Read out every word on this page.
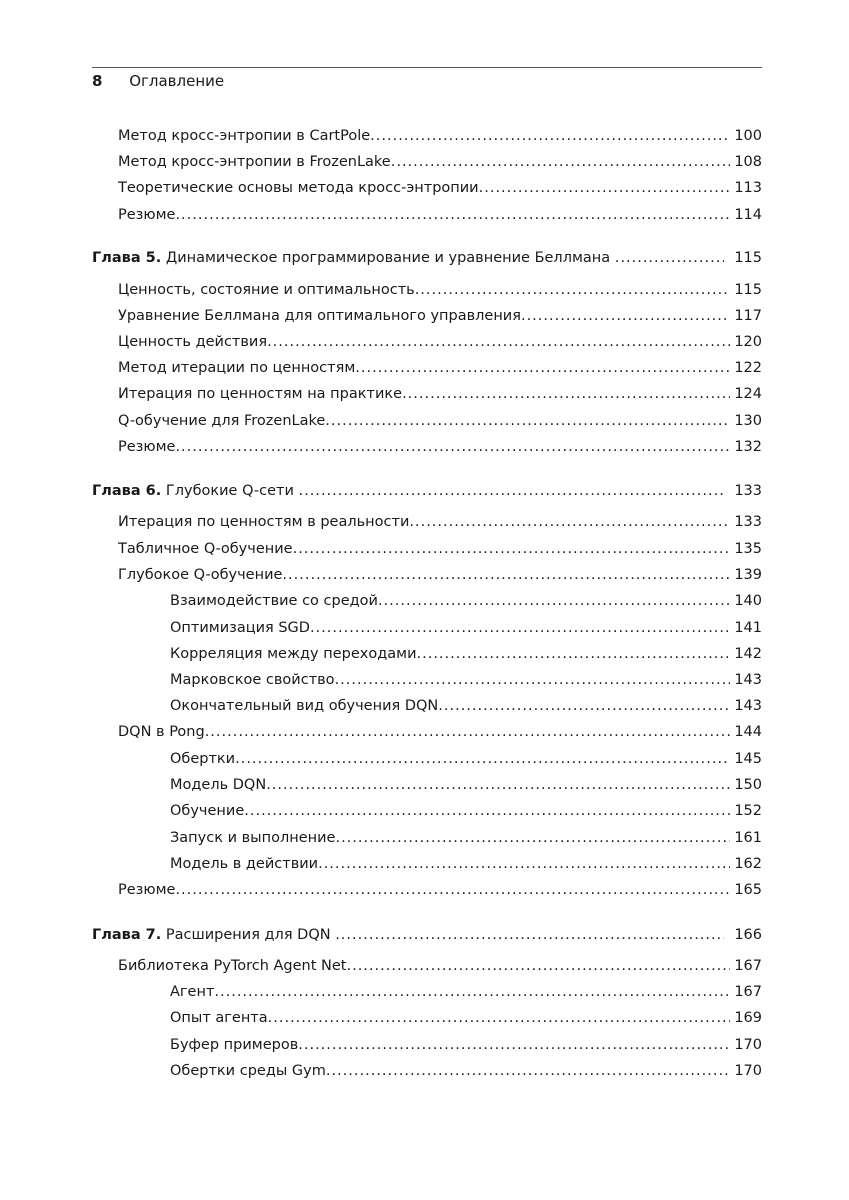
8 Оглавление
Метод кросс-энтропии в CartPole .....	100
Метод кросс-энтропии в FrozenLake .....	108
Теоретические основы метода кросс-энтропии .....	113
Резюме .....	114
Глава 5. Динамическое программирование и уравнение Беллмана .....	115
Ценность, состояние и оптимальность .....	115
Уравнение Беллмана для оптимального управления .....	117
Ценность действия .....	120
Метод итерации по ценностям .....	122
Итерация по ценностям на практике .....	124
Q-обучение для FrozenLake .....	130
Резюме .....	132
Глава 6. Глубокие Q-сети .....	133
Итерация по ценностям в реальности .....	133
Табличное Q-обучение .....	135
Глубокое Q-обучение .....	139
Взаимодействие со средой .....	140
Оптимизация SGD .....	141
Корреляция между переходами .....	142
Марковское свойство .....	143
Окончательный вид обучения DQN .....	143
DQN в Pong .....	144
Обертки .....	145
Модель DQN .....	150
Обучение .....	152
Запуск и выполнение .....	161
Модель в действии .....	162
Резюме .....	165
Глава 7. Расширения для DQN .....	166
Библиотека PyTorch Agent Net .....	167
Агент .....	167
Опыт агента .....	169
Буфер примеров .....	170
Обертки среды Gym .....	170
